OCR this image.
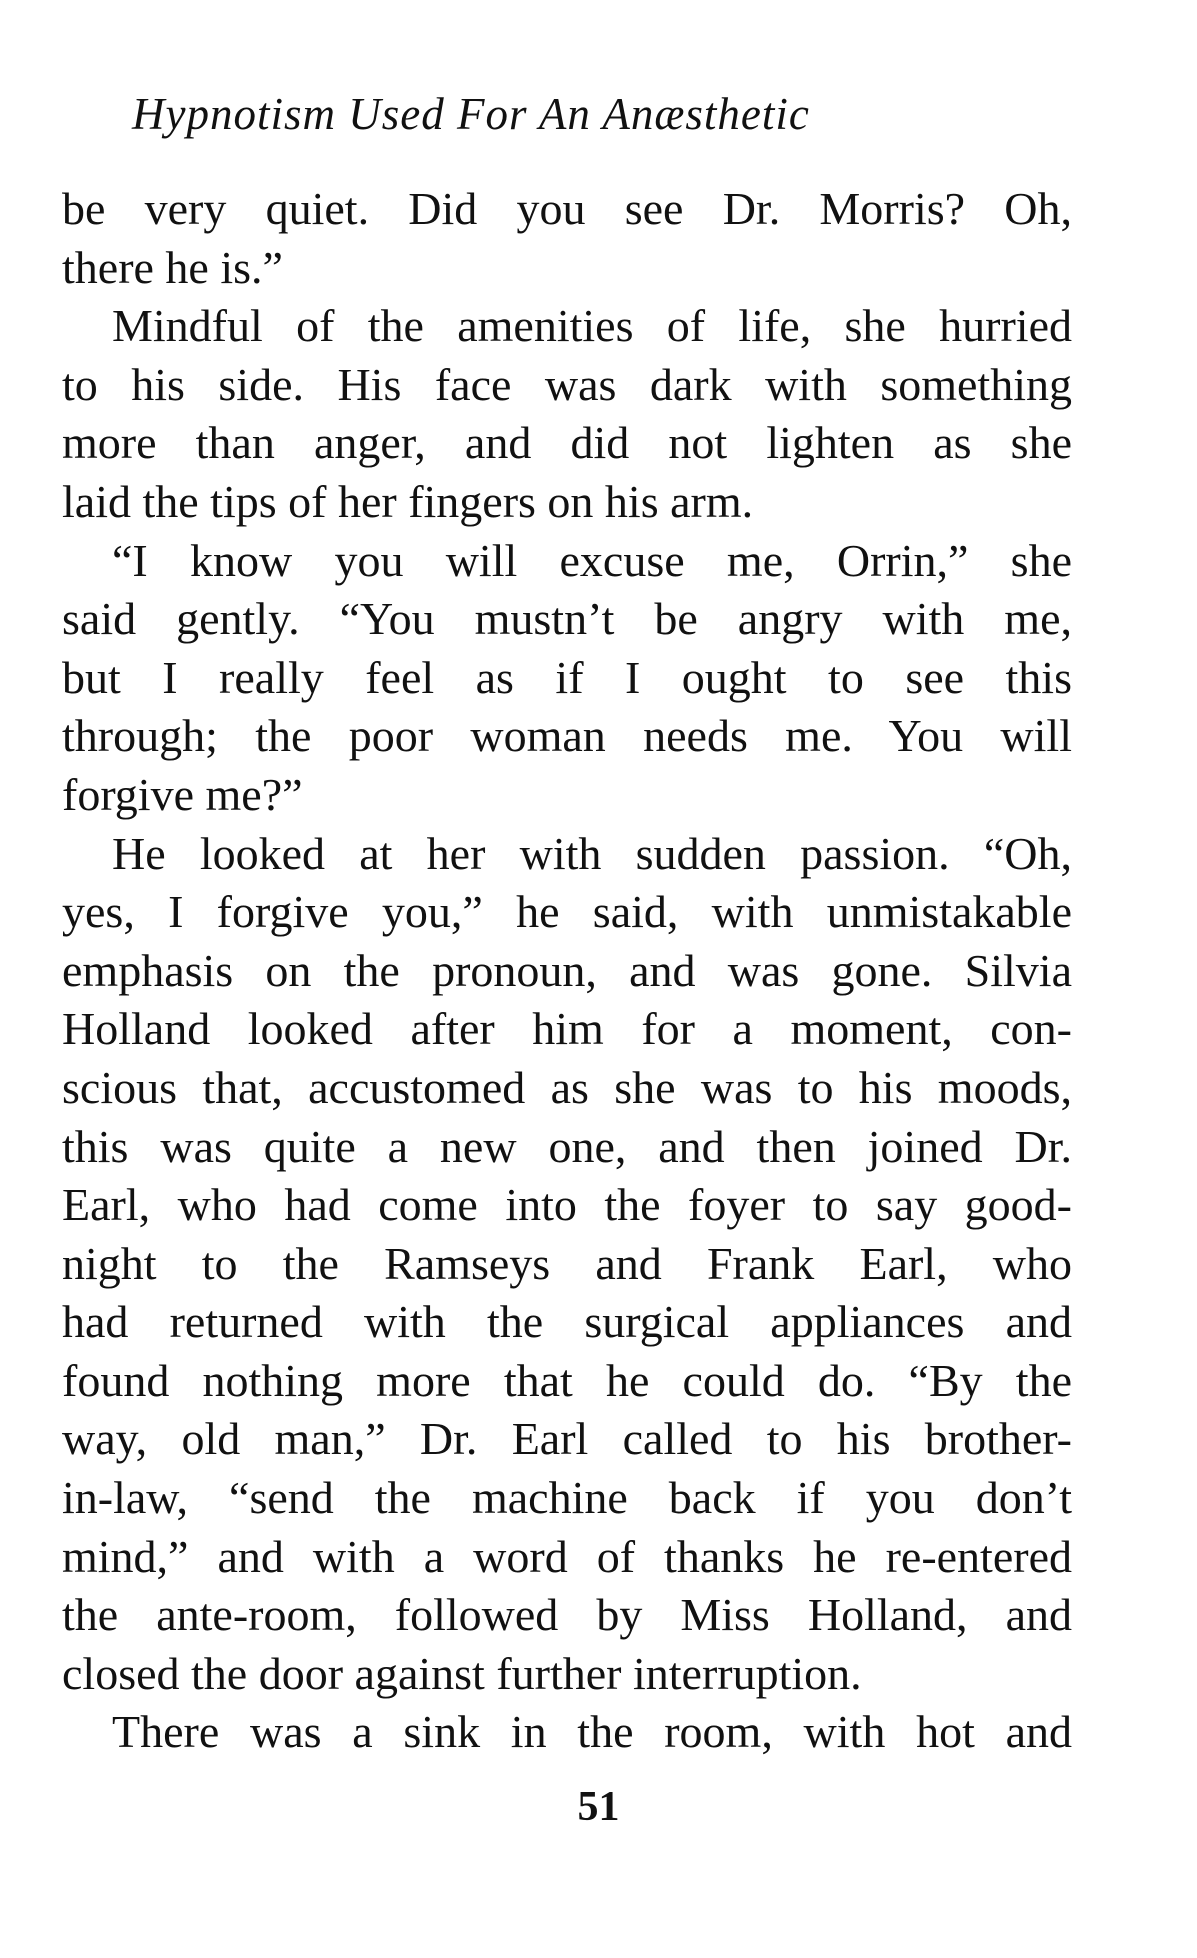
Hypnotism Used For An Anæsthetic
be very quiet. Did you see Dr. Morris? Oh,
there he is.”
Mindful of the amenities of life, she hurried
to his side. His face was dark with something
more than anger, and did not lighten as she
laid the tips of her fingers on his arm.
“I know you will excuse me, Orrin,” she
said gently. “You mustn’t be angry with me,
but I really feel as if I ought to see this
through; the poor woman needs me. You will
forgive me?”
He looked at her with sudden passion. “Oh,
yes, I forgive you,” he said, with unmistakable
emphasis on the pronoun, and was gone. Silvia
Holland looked after him for a moment, con-
scious that, accustomed as she was to his moods,
this was quite a new one, and then joined Dr.
Earl, who had come into the foyer to say good-
night to the Ramseys and Frank Earl, who
had returned with the surgical appliances and
found nothing more that he could do. “By the
way, old man,” Dr. Earl called to his brother-
in-law, “send the machine back if you don’t
mind,” and with a word of thanks he re-entered
the ante-room, followed by Miss Holland, and
closed the door against further interruption.
There was a sink in the room, with hot and
51
